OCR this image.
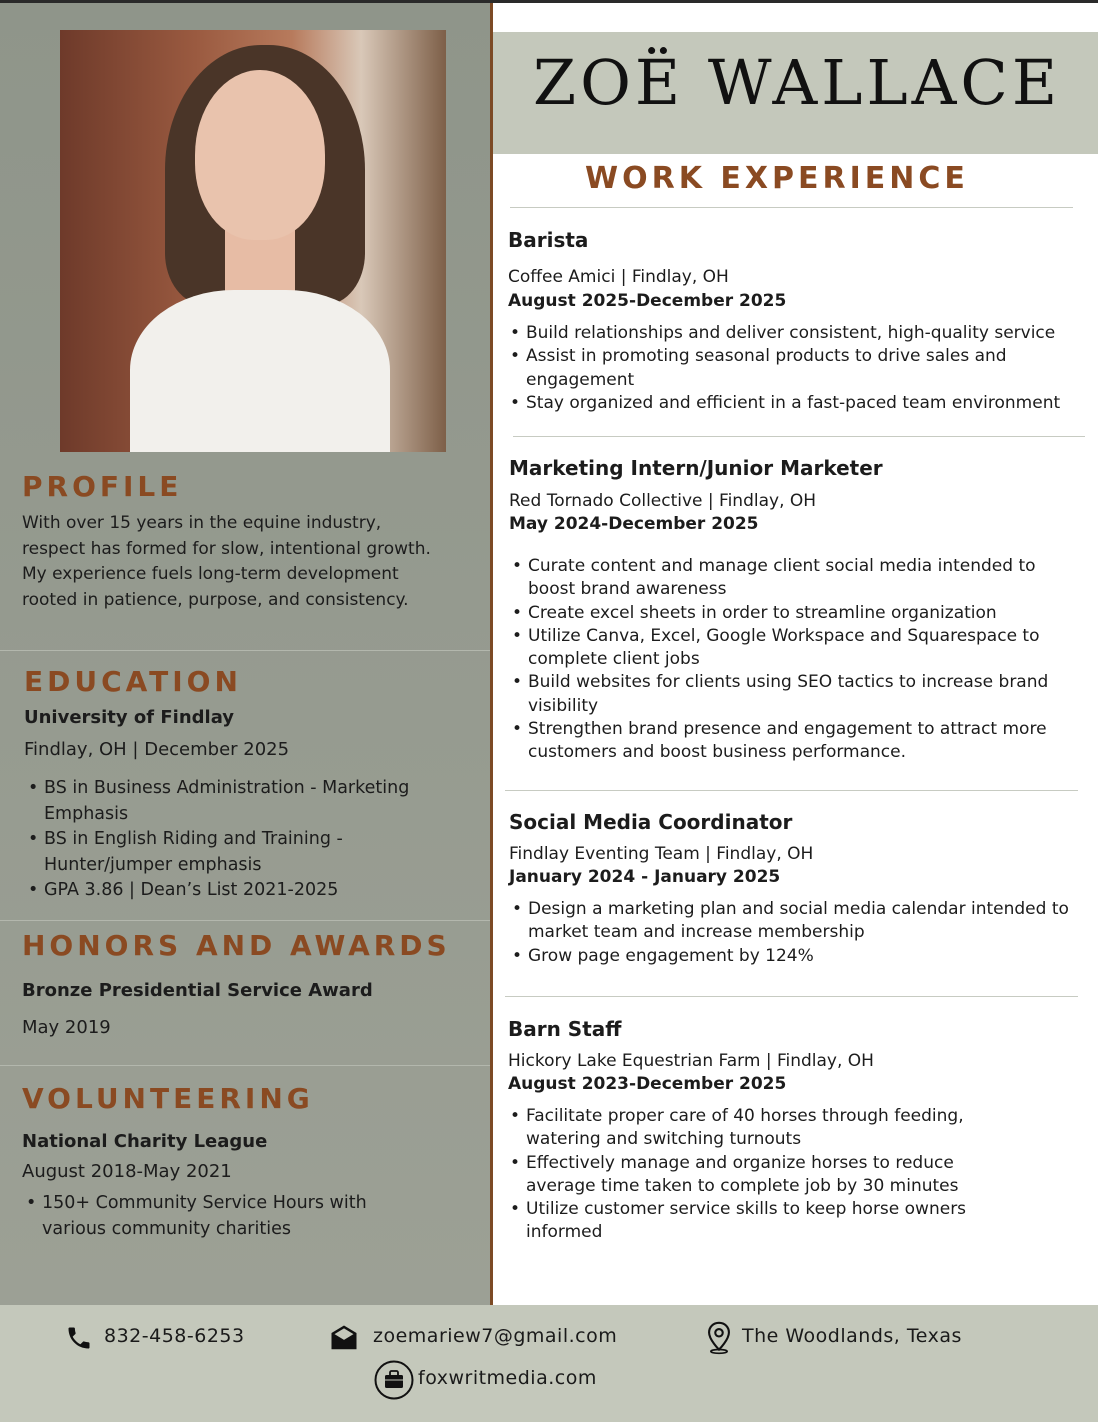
PROFILE
With over 15 years in the equine industry, respect has formed for slow, intentional growth. My experience fuels long-term development rooted in patience, purpose, and consistency.
EDUCATION
University of Findlay
Findlay, OH | December 2025
• BS in Business Administration - Marketing Emphasis
• BS in English Riding and Training - Hunter/jumper emphasis
• GPA 3.86 | Dean’s List 2021-2025
HONORS AND AWARDS
Bronze Presidential Service Award
May 2019
VOLUNTEERING
National Charity League
August 2018-May 2021
• 150+ Community Service Hours with various community charities
ZOË WALLACE
WORK EXPERIENCE
Barista
Coffee Amici | Findlay, OH
August 2025-December 2025
• Build relationships and deliver consistent, high-quality service
• Assist in promoting seasonal products to drive sales and engagement
• Stay organized and efficient in a fast-paced team environment
Marketing Intern/Junior Marketer
Red Tornado Collective | Findlay, OH
May 2024-December 2025
• Curate content and manage client social media intended to boost brand awareness
• Create excel sheets in order to streamline organization
• Utilize Canva, Excel, Google Workspace and Squarespace to complete client jobs
• Build websites for clients using SEO tactics to increase brand visibility
• Strengthen brand presence and engagement to attract more customers and boost business performance.
Social Media Coordinator
Findlay Eventing Team | Findlay, OH
January 2024 - January 2025
• Design a marketing plan and social media calendar intended to market team and increase membership
• Grow page engagement by 124%
Barn Staff
Hickory Lake Equestrian Farm | Findlay, OH
August 2023-December 2025
• Facilitate proper care of 40 horses through feeding, watering and switching turnouts
• Effectively manage and organize horses to reduce average time taken to complete job by 30 minutes
• Utilize customer service skills to keep horse owners informed
832-458-6253	zoemariew7@gmail.com	The Woodlands, Texas
foxwritmedia.com
